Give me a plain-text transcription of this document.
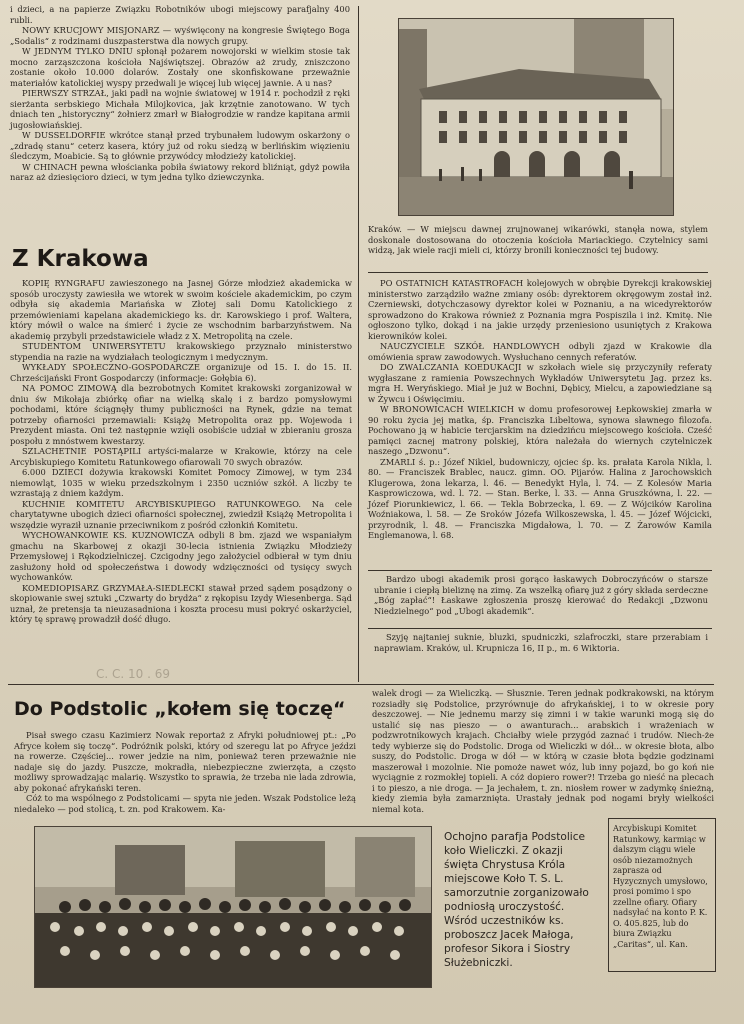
i dzieci, a na papierze Związku Robotników ubogi miejscowy parafjalny 400 rubli.

NOWY KRUCJOWY MISJONARZ — wyświęcony na kongresie Świętego Boga „Sodalis“ z rodzinami duszpasterstwa dla nowych grupy.

W JEDNYM TYLKO DNIU spłonął pożarem nowojorski w wielkim stosie tak mocno zarząszczona kościoła Najświętszej. Obrazów aż zrudy, zniszczono zostanie około 10.000 dolarów. Zostały one skonfiskowane przeważnie materiałów katolickiej wyspy przedwali je więcej lub więcej jawnie. A u nas?

PIERWSZY STRZAŁ, jaki padł na wojnie światowej w 1914 r. pochodził z ręki sierżanta serbskiego Michała Milojkovica, jak krzętnie zanotowano. W tych dniach ten „historyczny“ żołnierz zmarł w Białogrodzie w randze kapitana armii jugosłowiańskiej.

W DUSSELDORFIE wkrótce stanął przed trybunałem ludowym oskarżony o „zdradę stanu“ ceterz kasera, który już od roku siedzą w berlińskim więzieniu śledczym, Moabicie. Są to głównie przywódcy młodzieży katolickiej.

W CHINACH pewna włościanka pobiła światowy rekord bliźniąt, gdyż powiła naraz aż dziesięcioro dzieci, w tym jedna tylko dziewczynka.

Z Krakowa

KOPIĘ RYNGRAFU zawieszonego na Jasnej Górze młodzież akademicka w sposób uroczysty zawiesiła we wtorek w swoim kościele akademickim, po czym odbyła się akademia Mariańska w Złotej sali Domu Katolickiego z przemówieniami kapelana akademickiego ks. dr. Karowskiego i prof. Waltera, który mówił o walce na śmierć i życie ze wschodnim barbarzyństwem. Na akademię przybyli przedstawiciele władz z X. Metropolitą na czele.

STUDENTOM UNIWERSYTETU krakowskiego przyznało ministerstwo stypendia na razie na wydziałach teologicznym i medycznym.

WYKŁADY SPOŁECZNO-GOSPODARCZE organizuje od 15. I. do 15. II. Chrześcijański Front Gospodarczy (informacje: Gołębia 6).

NA POMOC ZIMOWĄ dla bezrobotnych Komitet krakowski zorganizował w dniu św Mikołaja zbiórkę ofiar na wielką skalę i z bardzo pomysłowymi pochodami, które ściągnęły tłumy publiczności na Rynek, gdzie na temat potrzeby ofiarności przemawiali: Książę Metropolita oraz pp. Wojewoda i Prezydent miasta. Oni też następnie wzięli osobiście udział w zbieraniu grosza pospołu z mnóstwem kwestarzy.

SZLACHETNIE POSTĄPILI artyści-malarze w Krakowie, którzy na cele Arcybiskupiego Komitetu Ratunkowego ofiarowali 70 swych obrazów.

6.000 DZIECI dożywia krakowski Komitet Pomocy Zimowej, w tym 234 niemowląt, 1035 w wieku przedszkolnym i 2350 uczniów szkół. A liczby te wzrastają z dniem każdym.

KUCHNIE KOMITETU ARCYBISKUPIEGO RATUNKOWEGO. Na cele charytatywne ubogich dzieci ofiarności społecznej, zwiedził Książę Metropolita i wszędzie wyraził uznanie przeciwnikom z pośród członkiń Komitetu.

WYCHOWANKOWIE KS. KUZNOWICZA odbyli 8 bm. zjazd we wspaniałym gmachu na Skarbowej z okazji 30-lecia istnienia Związku Młodzieży Przemysłowej i Rękodzielniczej. Czcigodny jego założyciel odbierał w tym dniu zasłużony hołd od społeczeństwa i dowody wdzięczności od tysięcy swych wychowanków.

KOMEDIOPISARZ GRZYMAŁA-SIEDLECKI stawał przed sądem posądzony o skopiowanie swej sztuki „Czwarty do brydża“ z rękopisu Izydy Wiesenberga. Sąd uznał, że pretensja ta nieuzasadniona i koszta procesu musi pokryć oskarżyciel, który tę sprawę prowadził dość długo.

C. C. 10 . 69

Kraków. — W miejscu dawnej zrujnowanej wikarówki, stanęła nowa, stylem doskonale dostosowana do otoczenia kościoła Mariackiego. Czytelnicy sami widzą, jak wiele racji mieli ci, którzy bronili konieczności tej budowy.

PO OSTATNICH KATASTROFACH kolejowych w obrębie Dyrekcji krakowskiej ministerstwo zarządziło ważne zmiany osób: dyrektorem okręgowym został inż. Czerniewski, dotychczasowy dyrektor kolei w Poznaniu, a na wicedyrektorów sprowadzono do Krakowa również z Poznania mgra Pospiszila i inż. Kmitę. Nie ogłoszono tylko, dokąd i na jakie urzędy przeniesiono usuniętych z Krakowa kierowników kolei.

NAUCZYCIELE SZKÓŁ HANDLOWYCH odbyli zjazd w Krakowie dla omówienia spraw zawodowych. Wysłuchano cennych referatów.

DO ZWALCZANIA KOEDUKACJI w szkołach wiele się przyczyniły referaty wygłaszane z ramienia Powszechnych Wykładów Uniwersytetu Jag. przez ks. mgra H. Weryńskiego. Miał je już w Bochni, Dębicy, Mielcu, a zapowiedziane są w Żywcu i Oświęcimiu.

W BRONOWICACH WIELKICH w domu profesorowej Łepkowskiej zmarła w 90 roku życia jej matka, śp. Franciszka Libeltowa, synowa sławnego filozofa. Pochowano ją w habicie tercjarskim na dziedzińcu miejscowego kościoła. Cześć pamięci zacnej matrony polskiej, która należała do wiernych czytelniczek naszego „Dzwonu“.

ZMARLI ś. p.: Józef Nikiel, budowniczy, ojciec śp. ks. prałata Karola Nikla, l. 80. — Franciszek Brablec, naucz. gimn. OO. Pijarów. Halina z Jarochowskich Klugerowa, żona lekarza, l. 46. — Benedykt Hyla, l. 74. — Z Kolesów Maria Kasprowiczowa, wd. l. 72. — Stan. Berke, l. 33. — Anna Gruszkówna, l. 22. — Józef Piorunkiewicz, l. 66. — Tekla Bobrzecka, l. 69. — Z Wójcików Karolina Woźniakowa, l. 58. — Ze Sroków Józefa Wilkoszewska, l. 45. — Józef Wójcicki, przyrodnik, l. 48. — Franciszka Migdałowa, l. 70. — Z Żarowów Kamila Englemanowa, l. 68.

Bardzo ubogi akademik prosi gorąco łaskawych Dobroczyńców o starsze ubranie i ciepłą bieliznę na zimę. Za wszelką ofiarę już z góry składa serdeczne „Bóg zapłać“! Łaskawe zgłoszenia proszę kierować do Redakcji „Dzwonu Niedzielnego“ pod „Ubogi akademik“.

Szyję najtaniej suknie, bluzki, spudniczki, szlafroczki, stare przerabiam i naprawiam. Kraków, ul. Krupnicza 16, II p., m. 6 Wiktoria.

Do Podstolic „kołem się toczę“

Pisał swego czasu Kazimierz Nowak reportaż z Afryki południowej pt.: „Po Afryce kołem się toczę“. Podróżnik polski, który od szeregu lat po Afryce jeździ na rowerze. Częściej... rower jedzie na nim, ponieważ teren przeważnie nie nadaje się do jazdy. Puszcze, mokradła, niebezpieczne zwierzęta, a często możliwy sprowadzając malarię. Wszystko to sprawia, że trzeba nie lada zdrowia, aby pokonać afrykański teren.

Cóż to ma wspólnego z Podstolicami — spyta nie jeden. Wszak Podstolice leżą niedaleko — pod stolicą, t. zn. pod Krakowem. Ka-

walek drogi — za Wieliczką. — Słusznie. Teren jednak podkrakowski, na którym rozsiadły się Podstolice, przyrównuje do afrykańskiej, i to w okresie pory deszczowej. — Nie jednemu marzy się zimni i w takie warunki mogą się do ustalić się nas pieszo — o awanturach... arabskich i wrażeniach w podzwrotnikowych krajach. Chciałby wiele przygód zaznać i trudów. Niech-że tedy wybierze się do Podstolic. Droga od Wieliczki w dół... w okresie błota, albo suszy, do Podstolic. Droga w dół — w którą w czasie błota będzie godzinami maszerował i mozolnie. Nie pomoże nawet wóz, lub inny pojazd, bo go koń nie wyciągnie z rozmokłej topieli. A cóż dopiero rower?! Trzeba go nieść na plecach i to pieszo, a nie droga. — Ja jechałem, t. zn. niosłem rower w zadymkę śnieżną, kiedy ziemia była zamarznięta. Urastały jednak pod nogami bryły wielkości niemal kota.

Ochojno parafja Podstolice koło Wieliczki. Z okazji święta Chrystusa Króla miejscowe Koło T. S. L. samorzutnie zorganizowało podniosłą uroczystość. Wśród uczestników ks. proboszcz Jacek Małoga, profesor Sikora i Siostry Służebniczki.
Arcybiskupi Komitet Ratunkowy, karmiąc w dalszym ciągu wiele osób niezamożnych zaprasza od Hyzycznych umysłowo, prosi pomimo i spo zzellne ofiary. Ofiary nadsyłać na konto P. K. O. 405.825, lub do biura Związku „Caritas“, ul. Kan.
